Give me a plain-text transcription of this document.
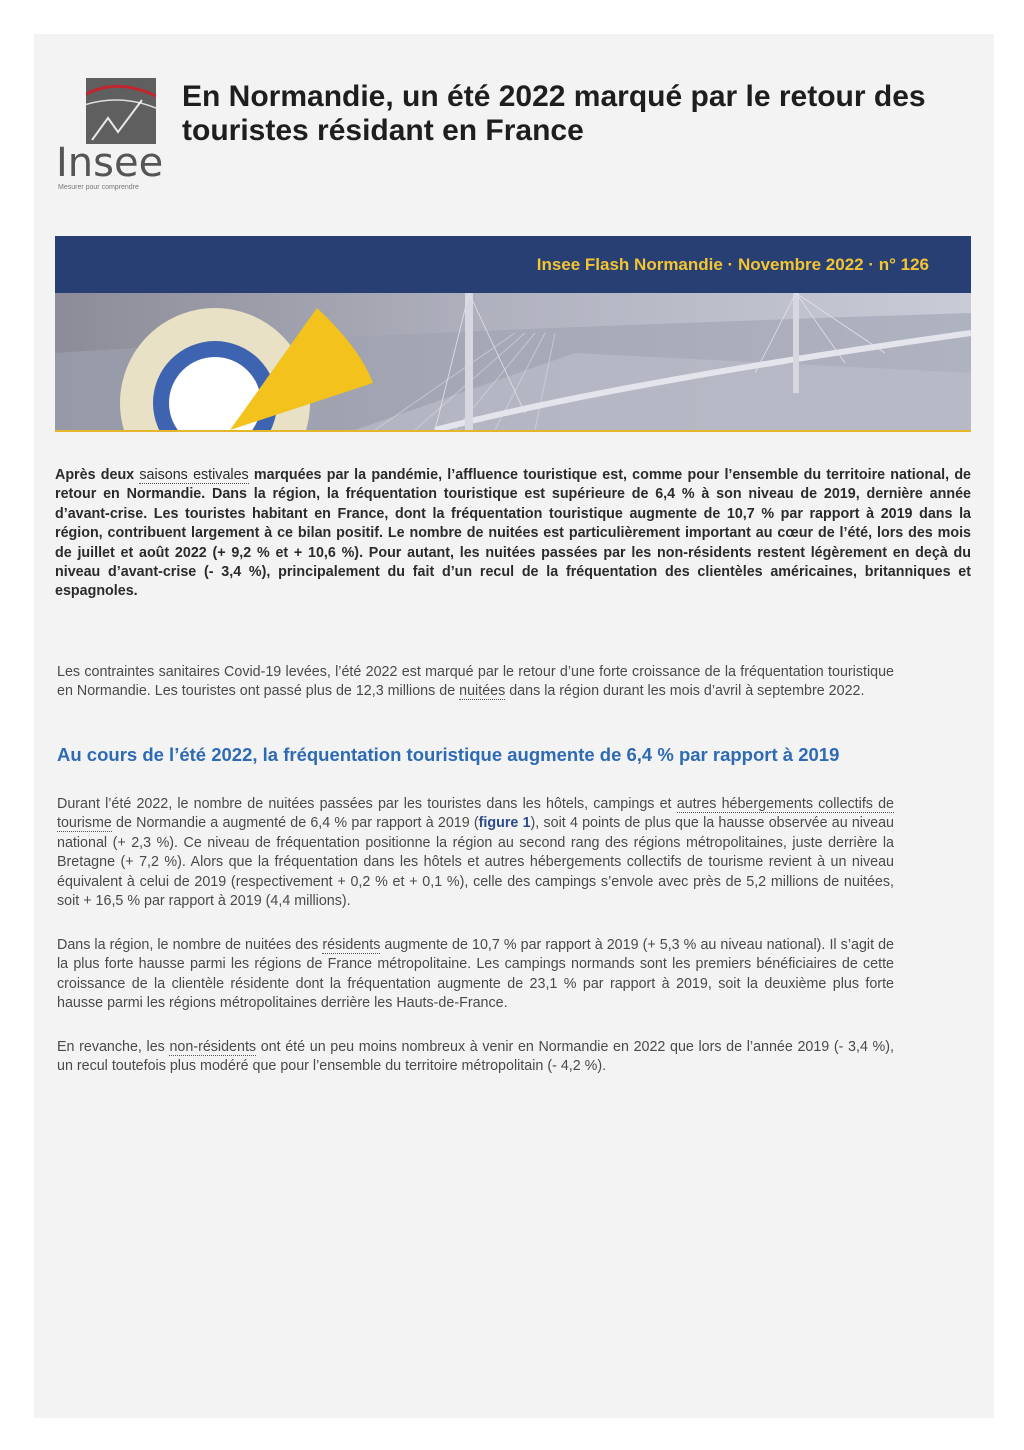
Insee
Mesurer pour comprendre
En Normandie, un été 2022 marqué par le retour des touristes résidant en France
Insee Flash Normandie · Novembre 2022 · n° 126

Après deux saisons estivales marquées par la pandémie, l’affluence touristique est, comme pour l’ensemble du territoire national, de retour en Normandie. Dans la région, la fréquentation touristique est supérieure de 6,4 % à son niveau de 2019, dernière année d’avant-crise. Les touristes habitant en France, dont la fréquentation touristique augmente de 10,7 % par rapport à 2019 dans la région, contribuent largement à ce bilan positif. Le nombre de nuitées est particulièrement important au cœur de l’été, lors des mois de juillet et août 2022 (+ 9,2 % et + 10,6 %). Pour autant, les nuitées passées par les non-résidents restent légèrement en deçà du niveau d’avant-crise (- 3,4 %), principalement du fait d’un recul de la fréquentation des clientèles américaines, britanniques et espagnoles.

Les contraintes sanitaires Covid-19 levées, l’été 2022 est marqué par le retour d’une forte croissance de la fréquentation touristique en Normandie. Les touristes ont passé plus de 12,3 millions de nuitées dans la région durant les mois d’avril à septembre 2022.

Au cours de l’été 2022, la fréquentation touristique augmente de 6,4 % par rapport à 2019

Durant l’été 2022, le nombre de nuitées passées par les touristes dans les hôtels, campings et autres hébergements collectifs de tourisme de Normandie a augmenté de 6,4 % par rapport à 2019 (figure 1), soit 4 points de plus que la hausse observée au niveau national (+ 2,3 %). Ce niveau de fréquentation positionne la région au second rang des régions métropolitaines, juste derrière la Bretagne (+ 7,2 %). Alors que la fréquentation dans les hôtels et autres hébergements collectifs de tourisme revient à un niveau équivalent à celui de 2019 (respectivement + 0,2 % et + 0,1 %), celle des campings s’envole avec près de 5,2 millions de nuitées, soit + 16,5 % par rapport à 2019 (4,4 millions).

Dans la région, le nombre de nuitées des résidents augmente de 10,7 % par rapport à 2019 (+ 5,3 % au niveau national). Il s’agit de la plus forte hausse parmi les régions de France métropolitaine. Les campings normands sont les premiers bénéficiaires de cette croissance de la clientèle résidente dont la fréquentation augmente de 23,1 % par rapport à 2019, soit la deuxième plus forte hausse parmi les régions métropolitaines derrière les Hauts-de-France.

En revanche, les non-résidents ont été un peu moins nombreux à venir en Normandie en 2022 que lors de l’année 2019 (- 3,4 %), un recul toutefois plus modéré que pour l’ensemble du territoire métropolitain (- 4,2 %).
